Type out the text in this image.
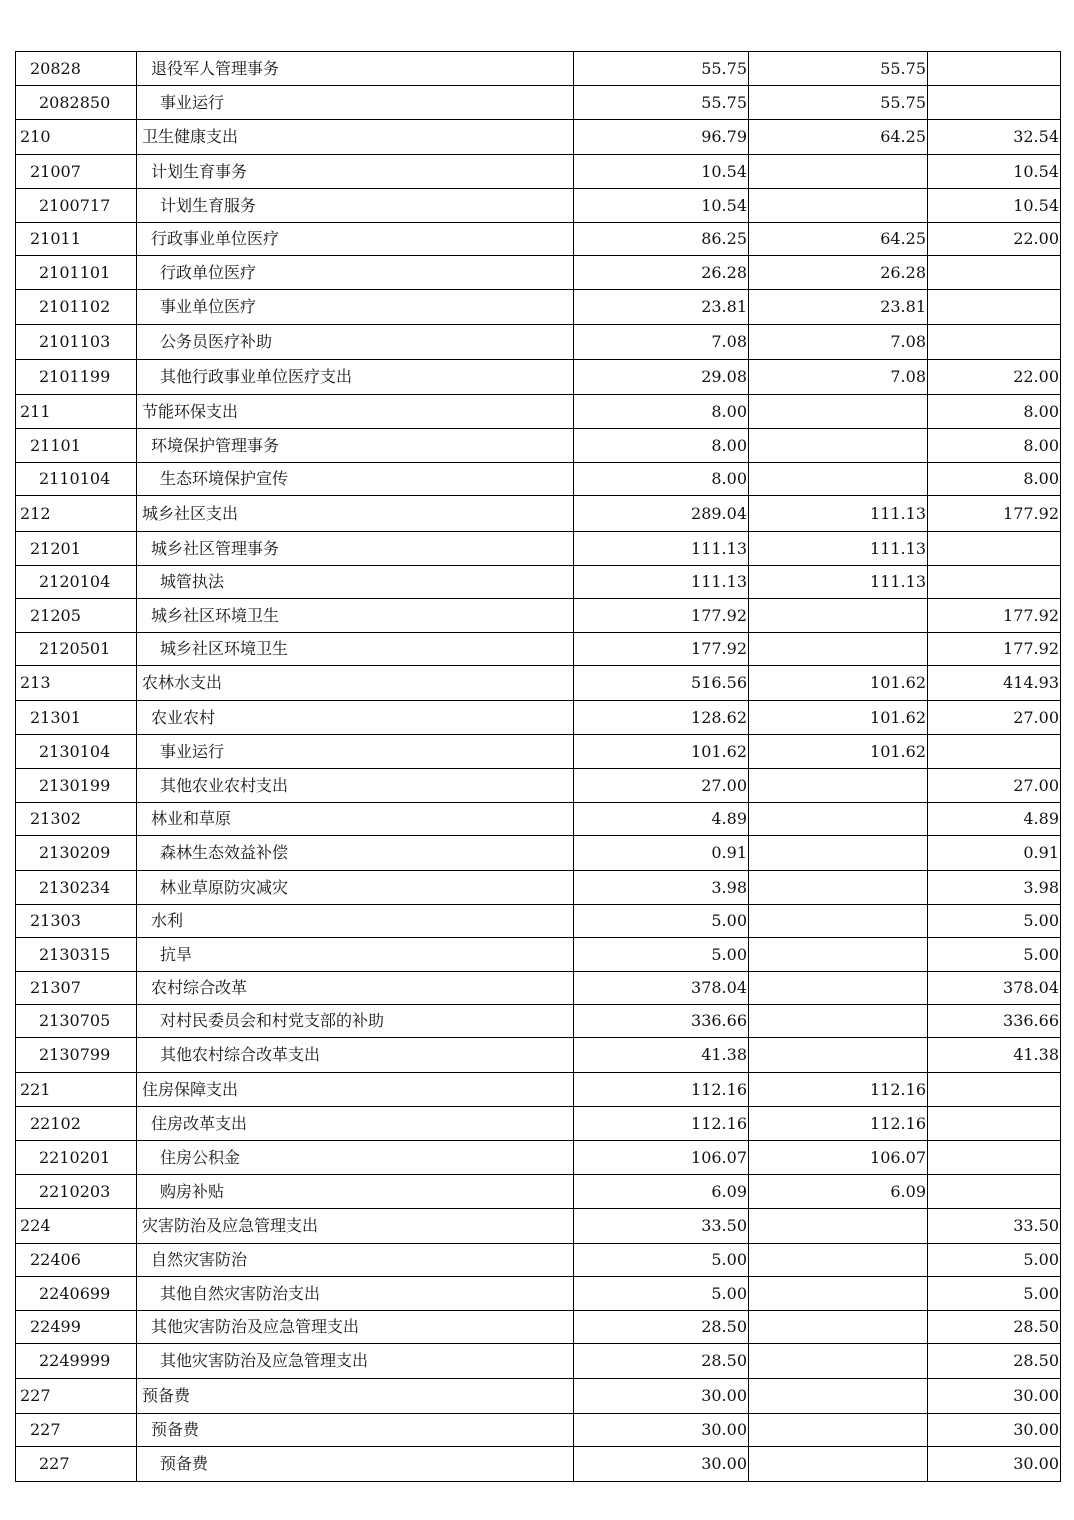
20828	退役军人管理事务	55.75	55.75	
2082850	事业运行	55.75	55.75	
210	卫生健康支出	96.79	64.25	32.54
21007	计划生育事务	10.54		10.54
2100717	计划生育服务	10.54		10.54
21011	行政事业单位医疗	86.25	64.25	22.00
2101101	行政单位医疗	26.28	26.28	
2101102	事业单位医疗	23.81	23.81	
2101103	公务员医疗补助	7.08	7.08	
2101199	其他行政事业单位医疗支出	29.08	7.08	22.00
211	节能环保支出	8.00		8.00
21101	环境保护管理事务	8.00		8.00
2110104	生态环境保护宣传	8.00		8.00
212	城乡社区支出	289.04	111.13	177.92
21201	城乡社区管理事务	111.13	111.13	
2120104	城管执法	111.13	111.13	
21205	城乡社区环境卫生	177.92		177.92
2120501	城乡社区环境卫生	177.92		177.92
213	农林水支出	516.56	101.62	414.93
21301	农业农村	128.62	101.62	27.00
2130104	事业运行	101.62	101.62	
2130199	其他农业农村支出	27.00		27.00
21302	林业和草原	4.89		4.89
2130209	森林生态效益补偿	0.91		0.91
2130234	林业草原防灾减灾	3.98		3.98
21303	水利	5.00		5.00
2130315	抗旱	5.00		5.00
21307	农村综合改革	378.04		378.04
2130705	对村民委员会和村党支部的补助	336.66		336.66
2130799	其他农村综合改革支出	41.38		41.38
221	住房保障支出	112.16	112.16	
22102	住房改革支出	112.16	112.16	
2210201	住房公积金	106.07	106.07	
2210203	购房补贴	6.09	6.09	
224	灾害防治及应急管理支出	33.50		33.50
22406	自然灾害防治	5.00		5.00
2240699	其他自然灾害防治支出	5.00		5.00
22499	其他灾害防治及应急管理支出	28.50		28.50
2249999	其他灾害防治及应急管理支出	28.50		28.50
227	预备费	30.00		30.00
227	预备费	30.00		30.00
227	预备费	30.00		30.00
